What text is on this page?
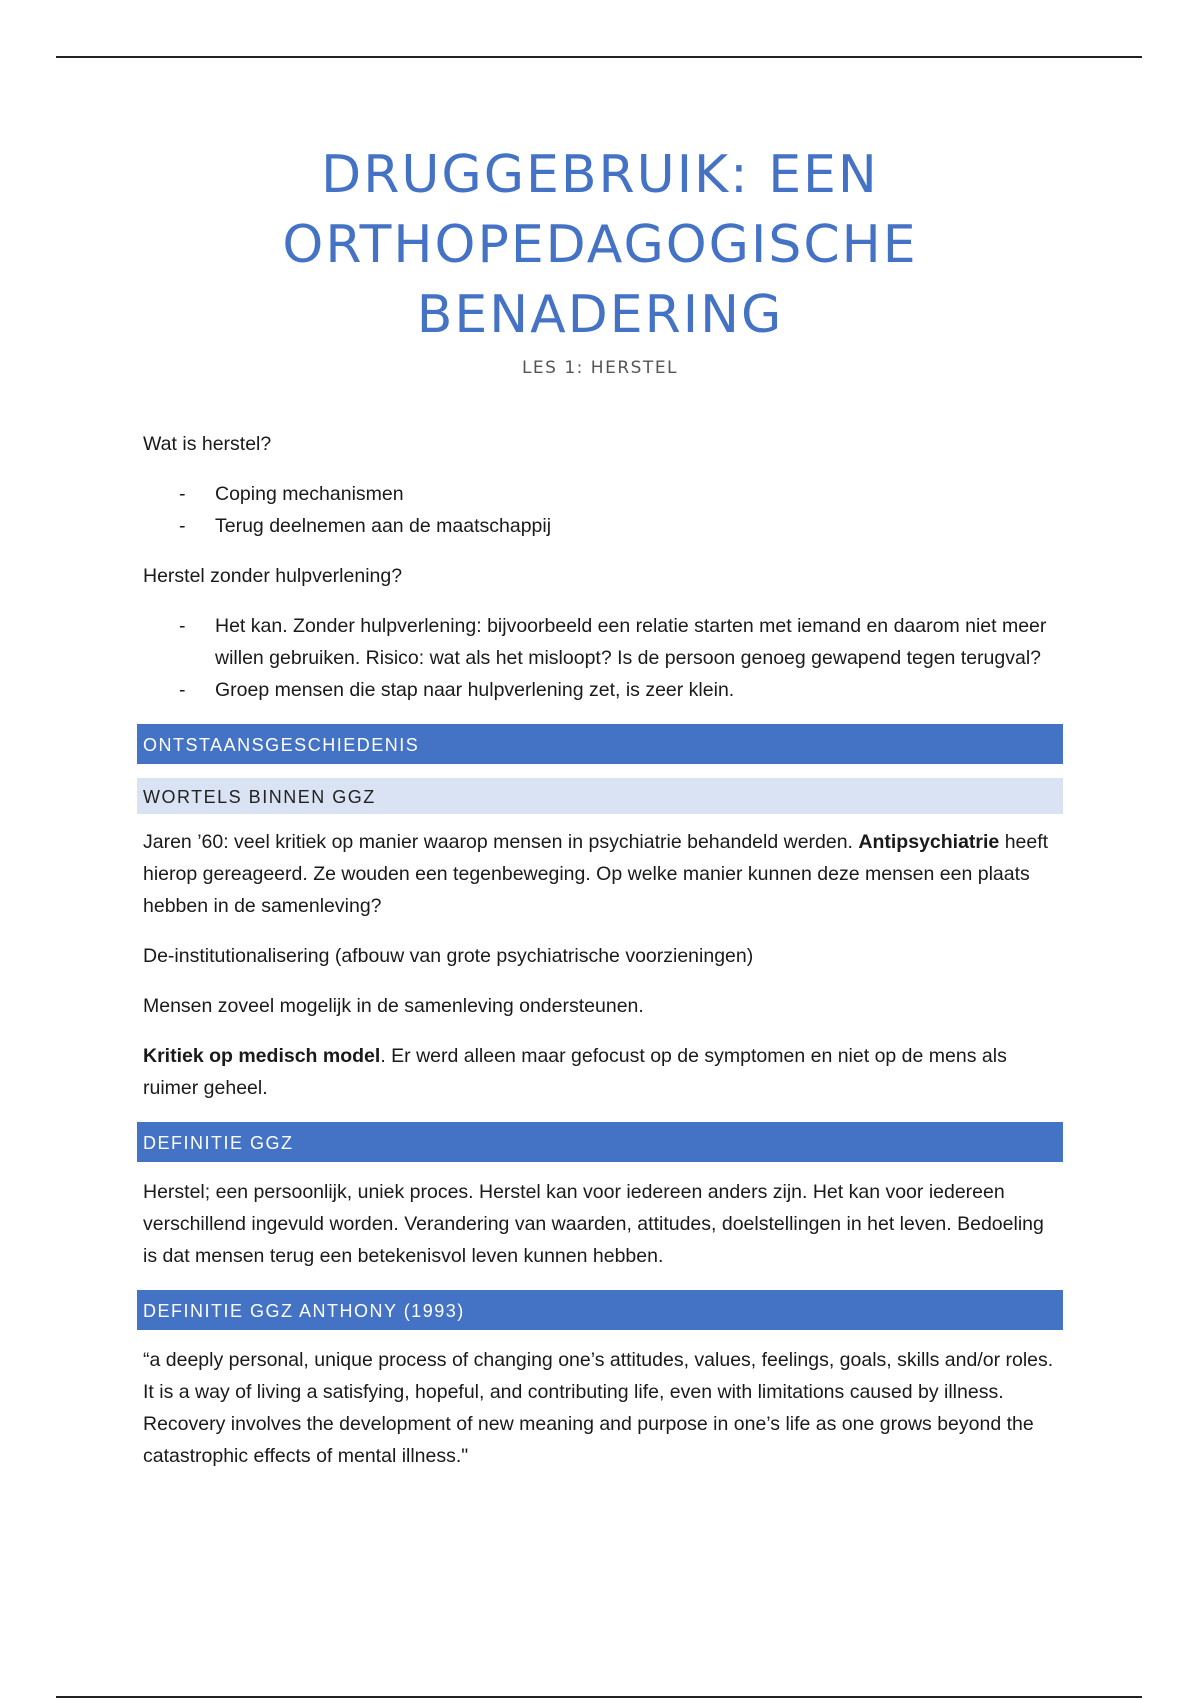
DRUGGEBRUIK: EEN ORTHOPEDAGOGISCHE BENADERING
LES 1: HERSTEL

Wat is herstel?

- Coping mechanismen
- Terug deelnemen aan de maatschappij

Herstel zonder hulpverlening?

- Het kan. Zonder hulpverlening: bijvoorbeeld een relatie starten met iemand en daarom niet meer willen gebruiken. Risico: wat als het misloopt? Is de persoon genoeg gewapend tegen terugval?
- Groep mensen die stap naar hulpverlening zet, is zeer klein.
ONTSTAANSGESCHIEDENIS
WORTELS BINNEN GGZ

Jaren ’60: veel kritiek op manier waarop mensen in psychiatrie behandeld werden. Antipsychiatrie heeft hierop gereageerd. Ze wouden een tegenbeweging. Op welke manier kunnen deze mensen een plaats hebben in de samenleving?

De-institutionalisering (afbouw van grote psychiatrische voorzieningen)

Mensen zoveel mogelijk in de samenleving ondersteunen.

Kritiek op medisch model. Er werd alleen maar gefocust op de symptomen en niet op de mens als ruimer geheel.

DEFINITIE GGZ

Herstel; een persoonlijk, uniek proces. Herstel kan voor iedereen anders zijn. Het kan voor iedereen verschillend ingevuld worden. Verandering van waarden, attitudes, doelstellingen in het leven. Bedoeling is dat mensen terug een betekenisvol leven kunnen hebben.

DEFINITIE GGZ ANTHONY (1993)

“a deeply personal, unique process of changing one’s attitudes, values, feelings, goals, skills and/or roles. It is a way of living a satisfying, hopeful, and contributing life, even with limitations caused by illness. Recovery involves the development of new meaning and purpose in one’s life as one grows beyond the catastrophic effects of mental illness."
